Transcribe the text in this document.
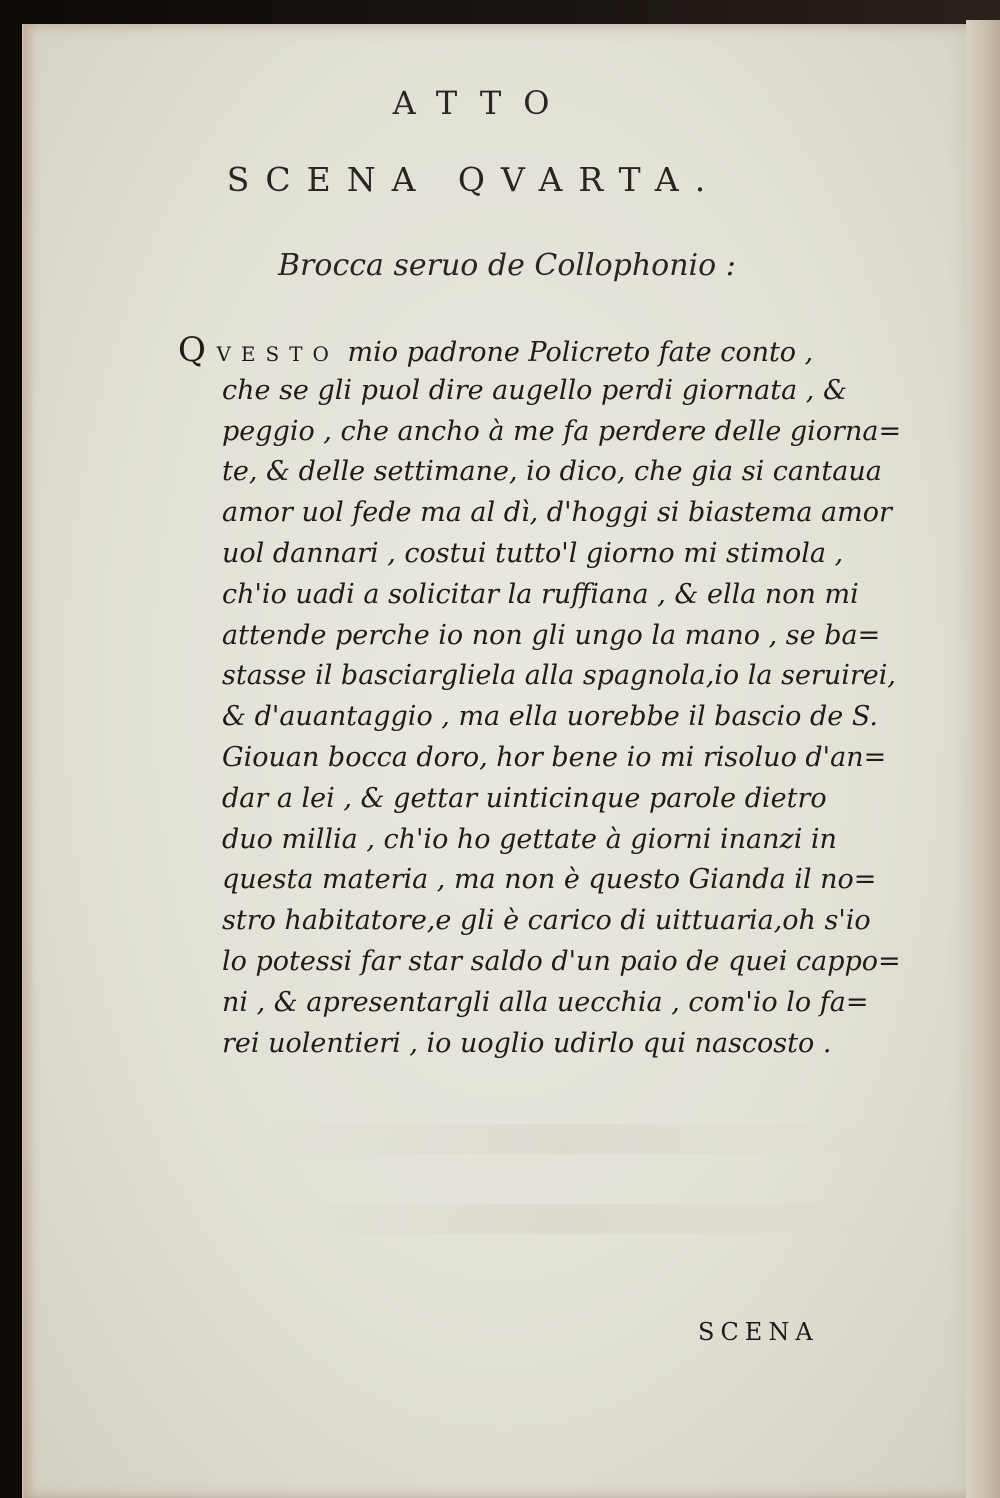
ATTO
SCENA QVARTA.
Brocca seruo de Collophonio :
Q VESTO mio padrone Policreto fate conto ,
che se gli puol dire augello perdi giornata , &
peggio , che ancho à me fa perdere delle giorna=
te, & delle settimane, io dico, che gia si cantaua
amor uol fede ma al dì, d'hoggi si biastema amor
uol dannari , costui tutto'l giorno mi stimola ,
ch'io uadi a solicitar la ruffiana , & ella non mi
attende perche io non gli ungo la mano , se ba=
stasse il basciargliela alla spagnola,io la seruirei,
& d'auantaggio , ma ella uorebbe il bascio de S.
Giouan bocca doro, hor bene io mi risoluo d'an=
dar a lei , & gettar uinticinque parole dietro
duo millia , ch'io ho gettate à giorni inanzi in
questa materia , ma non è questo Gianda il no=
stro habitatore,e gli è carico di uittuaria,oh s'io
lo potessi far star saldo d'un paio de quei cappo=
ni , & apresentargli alla uecchia , com'io lo fa=
rei uolentieri , io uoglio udirlo qui nascosto .
SCENA
